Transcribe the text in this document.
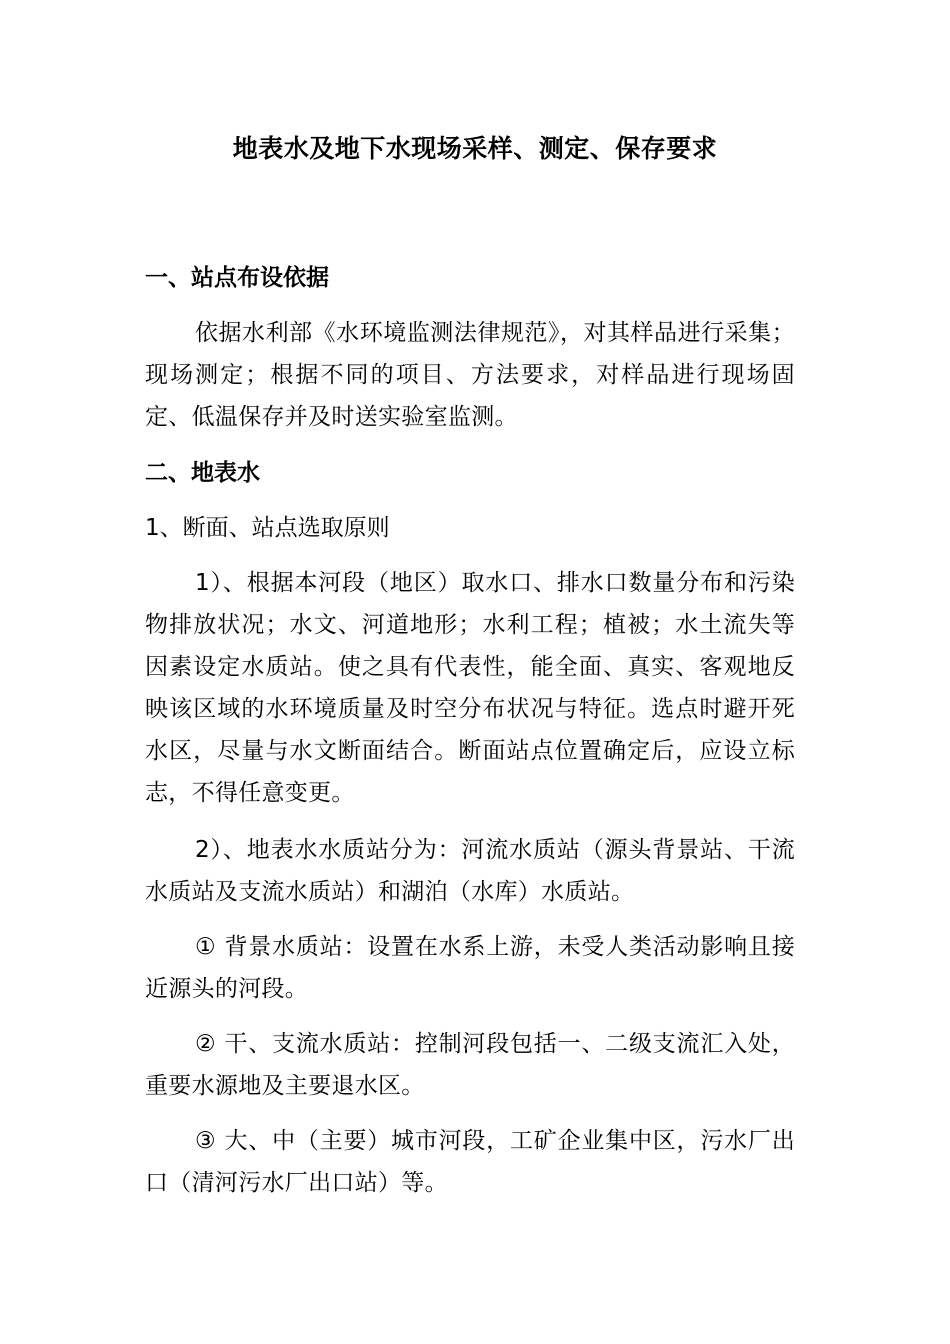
地表水及地下水现场采样、测定、保存要求
一、站点布设依据
依据水利部《水环境监测法律规范》，对其样品进行采集；现场测定；根据不同的项目、方法要求，对样品进行现场固定、低温保存并及时送实验室监测。
二、地表水
1、断面、站点选取原则
1）、根据本河段（地区）取水口、排水口数量分布和污染物排放状况；水文、河道地形；水利工程；植被；水土流失等因素设定水质站。使之具有代表性，能全面、真实、客观地反映该区域的水环境质量及时空分布状况与特征。选点时避开死水区，尽量与水文断面结合。断面站点位置确定后，应设立标志，不得任意变更。
2）、地表水水质站分为：河流水质站（源头背景站、干流水质站及支流水质站）和湖泊（水库）水质站。
① 背景水质站：设置在水系上游，未受人类活动影响且接近源头的河段。
② 干、支流水质站：控制河段包括一、二级支流汇入处，重要水源地及主要退水区。
③ 大、中（主要）城市河段，工矿企业集中区，污水厂出口（清河污水厂出口站）等。
